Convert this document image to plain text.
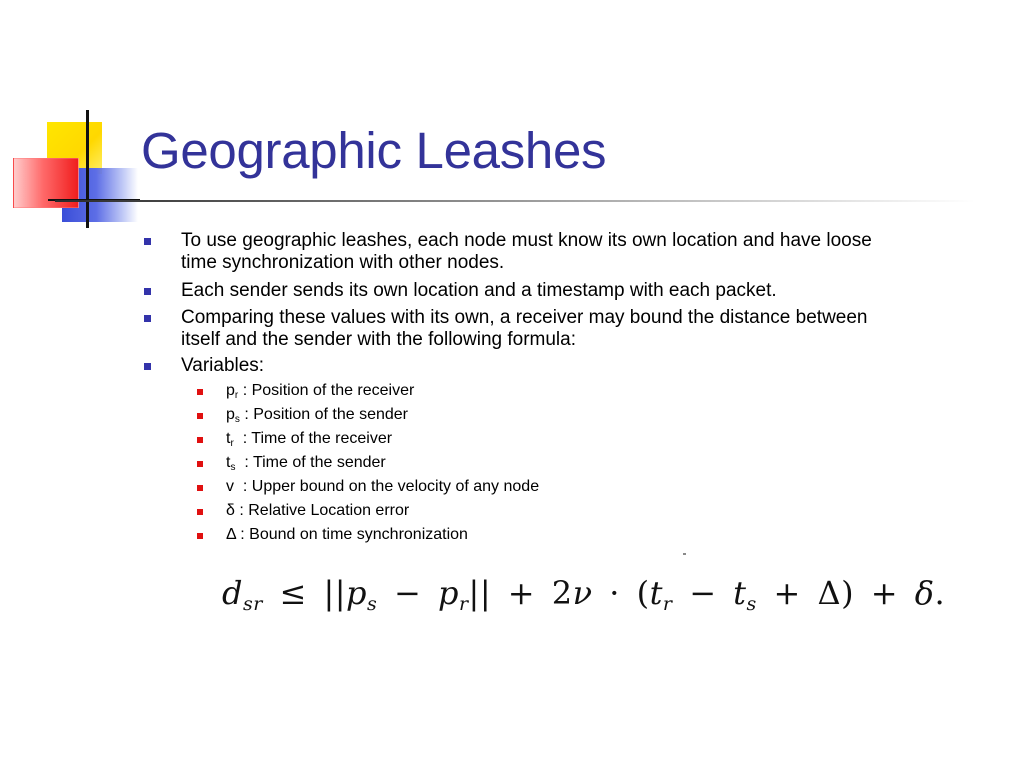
Geographic Leashes
To use geographic leashes, each node must know its own location and have loose time synchronization with other nodes.
Each sender sends its own location and a timestamp with each packet.
Comparing these values with its own, a receiver may bound the distance between itself and the sender with the following formula:
Variables:
$p_r$ : Position of the receiver
$p_s$ : Position of the sender
$t_r$  : Time of the receiver
$t_s$  : Time of the sender
v  : Upper bound on the velocity of any node
δ : Relative Location error
Δ : Bound on time synchronization
$d_{sr} \le ||p_s - p_r|| + 2\nu \cdot (t_r - t_s + \Delta) + \delta$.
